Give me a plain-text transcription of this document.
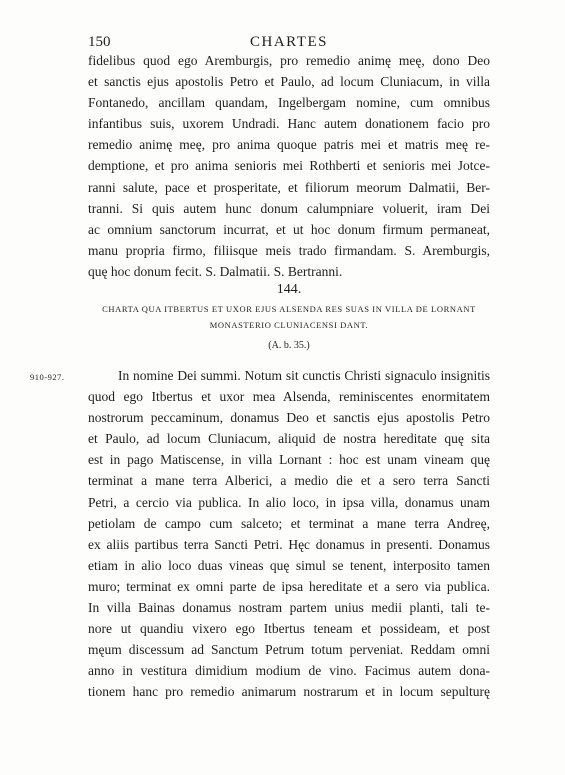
150	CHARTES
fidelibus quod ego Aremburgis, pro remedio animę meę, dono Deo
et sanctis ejus apostolis Petro et Paulo, ad locum Cluniacum, in villa
Fontanedo, ancillam quandam, Ingelbergam nomine, cum omnibus
infantibus suis, uxorem Undradi. Hanc autem donationem facio pro
remedio animę meę, pro anima quoque patris mei et matris meę re-
demptione, et pro anima senioris mei Rothberti et senioris mei Jotce-
ranni salute, pace et prosperitate, et filiorum meorum Dalmatii, Ber-
tranni. Si quis autem hunc donum calumpniare voluerit, iram Dei
ac omnium sanctorum incurrat, et ut hoc donum firmum permaneat,
manu propria firmo, filiisque meis trado firmandam. S. Aremburgis,
quę hoc donum fecit. S. Dalmatii. S. Bertranni.
144.
CHARTA QUA ITBERTUS ET UXOR EJUS ALSENDA RES SUAS IN VILLA DE LORNANT
MONASTERIO CLUNIACENSI DANT.
(A. b. 35.)
910-927.	In nomine Dei summi. Notum sit cunctis Christi signaculo insignitis
quod ego Itbertus et uxor mea Alsenda, reminiscentes enormitatem
nostrorum peccaminum, donamus Deo et sanctis ejus apostolis Petro
et Paulo, ad locum Cluniacum, aliquid de nostra hereditate quę sita
est in pago Matiscense, in villa Lornant : hoc est unam vineam quę
terminat a mane terra Alberici, a medio die et a sero terra Sancti
Petri, a cercio via publica. In alio loco, in ipsa villa, donamus unam
petiolam de campo cum salceto; et terminat a mane terra Andreę,
ex aliis partibus terra Sancti Petri. Hęc donamus in presenti. Donamus
etiam in alio loco duas vineas quę simul se tenent, interposito tamen
muro; terminat ex omni parte de ipsa hereditate et a sero via publica.
In villa Bainas donamus nostram partem unius medii planti, tali te-
nore ut quandiu vixero ego Itbertus teneam et possideam, et post
męum discessum ad Sanctum Petrum totum perveniat. Reddam omni
anno in vestitura dimidium modium de vino. Facimus autem dona-
tionem hanc pro remedio animarum nostrarum et in locum sepulturę
